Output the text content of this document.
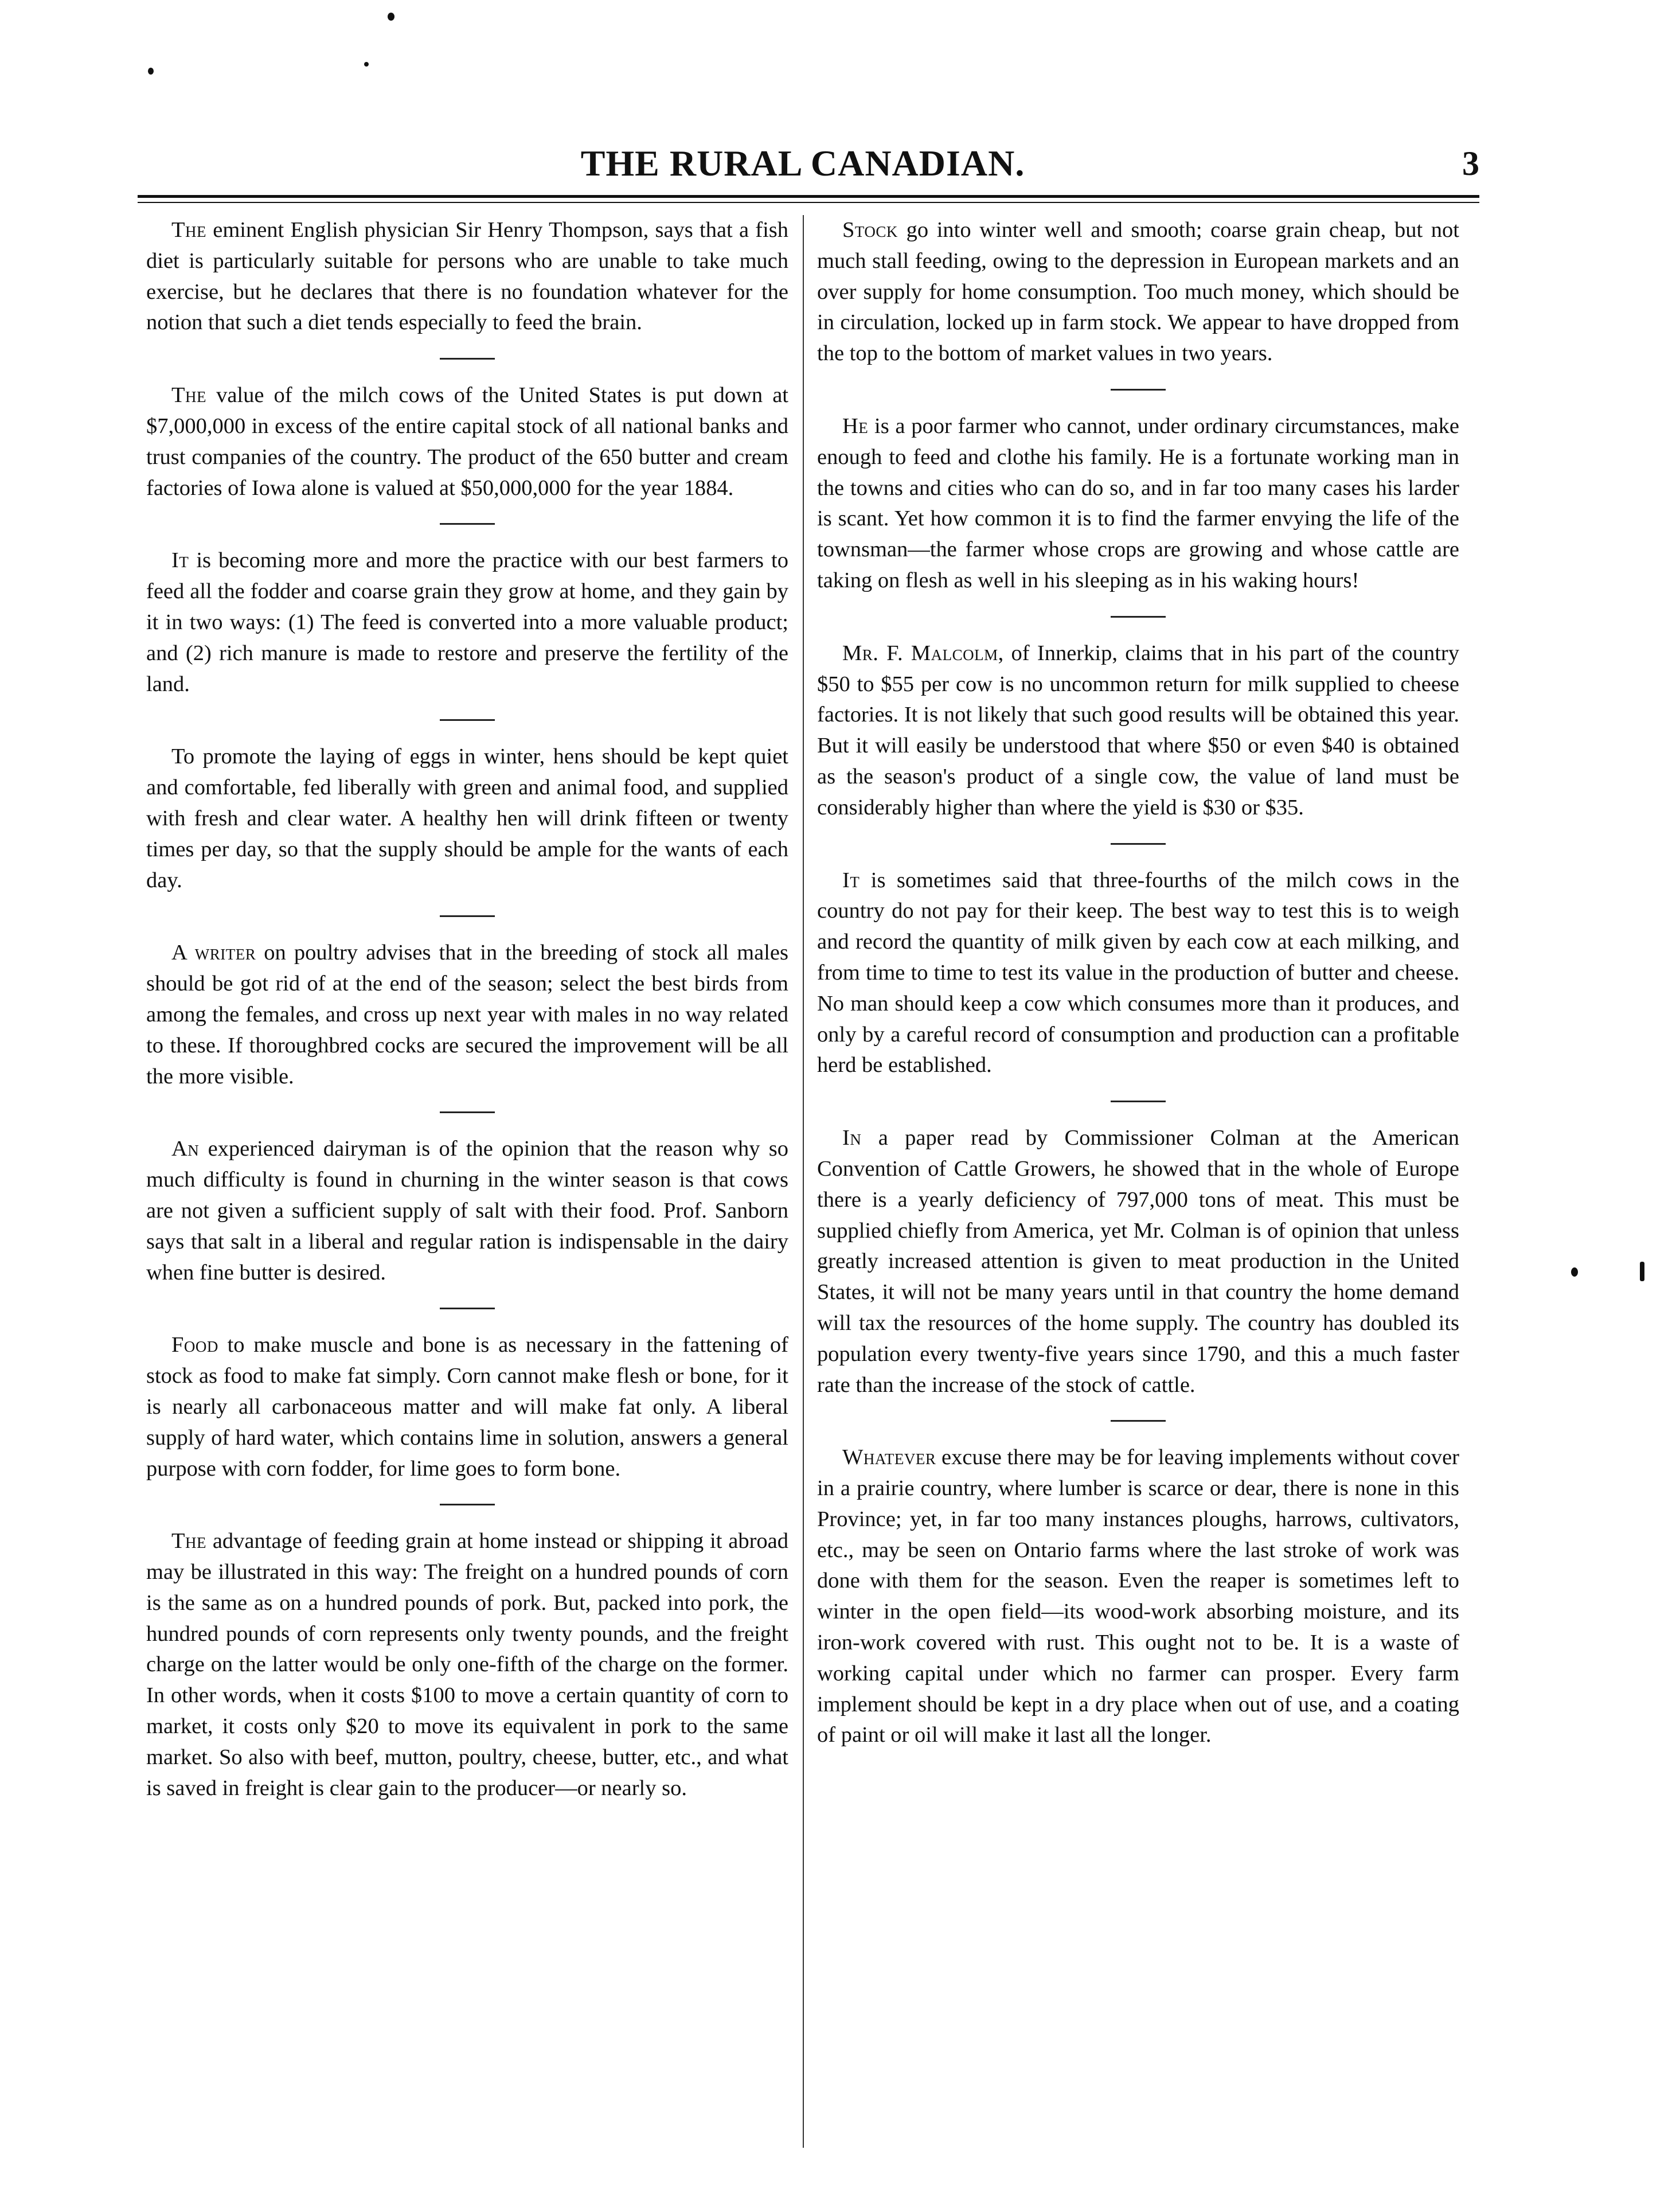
THE RURAL CANADIAN.	3

The eminent English physician Sir Henry Thompson, says that a fish diet is particularly suitable for persons who are unable to take much exercise, but he declares that there is no foundation whatever for the notion that such a diet tends especially to feed the brain.

The value of the milch cows of the United States is put down at $7,000,000 in excess of the entire capital stock of all national banks and trust companies of the country. The product of the 650 butter and cream factories of Iowa alone is valued at $50,000,000 for the year 1884.

It is becoming more and more the practice with our best farmers to feed all the fodder and coarse grain they grow at home, and they gain by it in two ways: (1) The feed is converted into a more valuable product; and (2) rich manure is made to restore and preserve the fertility of the land.

To promote the laying of eggs in winter, hens should be kept quiet and comfortable, fed liberally with green and animal food, and supplied with fresh and clear water. A healthy hen will drink fifteen or twenty times per day, so that the supply should be ample for the wants of each day.

A writer on poultry advises that in the breeding of stock all males should be got rid of at the end of the season; select the best birds from among the females, and cross up next year with males in no way related to these. If thoroughbred cocks are secured the improvement will be all the more visible.

An experienced dairyman is of the opinion that the reason why so much difficulty is found in churning in the winter season is that cows are not given a sufficient supply of salt with their food. Prof. Sanborn says that salt in a liberal and regular ration is indispensable in the dairy when fine butter is desired.

Food to make muscle and bone is as necessary in the fattening of stock as food to make fat simply. Corn cannot make flesh or bone, for it is nearly all carbonaceous matter and will make fat only. A liberal supply of hard water, which contains lime in solution, answers a general purpose with corn fodder, for lime goes to form bone.

The advantage of feeding grain at home instead or shipping it abroad may be illustrated in this way: The freight on a hundred pounds of corn is the same as on a hundred pounds of pork. But, packed into pork, the hundred pounds of corn represents only twenty pounds, and the freight charge on the latter would be only one-fifth of the charge on the former. In other words, when it costs $100 to move a certain quantity of corn to market, it costs only $20 to move its equivalent in pork to the same market. So also with beef, mutton, poultry, cheese, butter, etc., and what is saved in freight is clear gain to the producer—or nearly so.

Stock go into winter well and smooth; coarse grain cheap, but not much stall feeding, owing to the depression in European markets and an over supply for home consumption. Too much money, which should be in circulation, locked up in farm stock. We appear to have dropped from the top to the bottom of market values in two years.

He is a poor farmer who cannot, under ordinary circumstances, make enough to feed and clothe his family. He is a fortunate working man in the towns and cities who can do so, and in far too many cases his larder is scant. Yet how common it is to find the farmer envying the life of the townsman—the farmer whose crops are growing and whose cattle are taking on flesh as well in his sleeping as in his waking hours!

Mr. F. Malcolm, of Innerkip, claims that in his part of the country $50 to $55 per cow is no uncommon return for milk supplied to cheese factories. It is not likely that such good results will be obtained this year. But it will easily be understood that where $50 or even $40 is obtained as the season's product of a single cow, the value of land must be considerably higher than where the yield is $30 or $35.

It is sometimes said that three-fourths of the milch cows in the country do not pay for their keep. The best way to test this is to weigh and record the quantity of milk given by each cow at each milking, and from time to time to test its value in the production of butter and cheese. No man should keep a cow which consumes more than it produces, and only by a careful record of consumption and production can a profitable herd be established.

In a paper read by Commissioner Colman at the American Convention of Cattle Growers, he showed that in the whole of Europe there is a yearly deficiency of 797,000 tons of meat. This must be supplied chiefly from America, yet Mr. Colman is of opinion that unless greatly increased attention is given to meat production in the United States, it will not be many years until in that country the home demand will tax the resources of the home supply. The country has doubled its population every twenty-five years since 1790, and this a much faster rate than the increase of the stock of cattle.

Whatever excuse there may be for leaving implements without cover in a prairie country, where lumber is scarce or dear, there is none in this Province; yet, in far too many instances ploughs, harrows, cultivators, etc., may be seen on Ontario farms where the last stroke of work was done with them for the season. Even the reaper is sometimes left to winter in the open field—its wood-work absorbing moisture, and its iron-work covered with rust. This ought not to be. It is a waste of working capital under which no farmer can prosper. Every farm implement should be kept in a dry place when out of use, and a coating of paint or oil will make it last all the longer.
